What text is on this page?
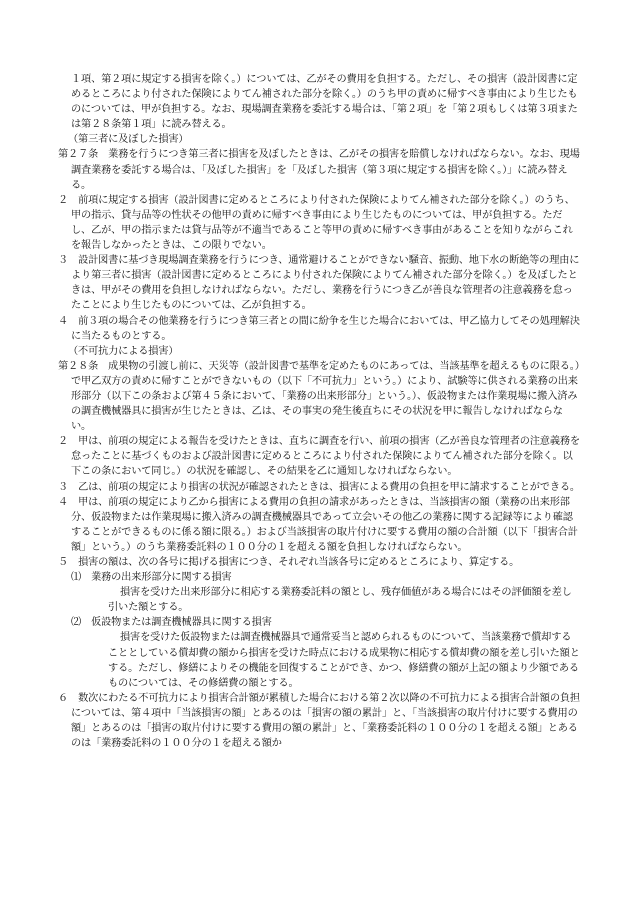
１項、第２項に規定する損害を除く。）については、乙がその費用を負担する。ただし、その損害（設計図書に定めるところにより付された保険によりてん補された部分を除く。）のうち甲の責めに帰すべき事由により生じたものについては、甲が負担する。なお、現場調査業務を委託する場合は、「第２項」を「第２項もしくは第３項または第２８条第１項」に読み替える。

（第三者に及ぼした損害）

第２７条　業務を行うにつき第三者に損害を及ぼしたときは、乙がその損害を賠償しなければならない。なお、現場調査業務を委託する場合は、「及ぼした損害」を「及ぼした損害（第３項に規定する損害を除く。）」に読み替える。

２　前項に規定する損害（設計図書に定めるところにより付された保険によりてん補された部分を除く。）のうち、甲の指示、貸与品等の性状その他甲の責めに帰すべき事由により生じたものについては、甲が負担する。ただし、乙が、甲の指示または貸与品等が不適当であること等甲の責めに帰すべき事由があることを知りながらこれを報告しなかったときは、この限りでない。

３　設計図書に基づき現場調査業務を行うにつき、通常避けることができない騒音、振動、地下水の断絶等の理由により第三者に損害（設計図書に定めるところにより付された保険によりてん補された部分を除く。）を及ぼしたときは、甲がその費用を負担しなければならない。ただし、業務を行うにつき乙が善良な管理者の注意義務を怠ったことにより生じたものについては、乙が負担する。

４　前３項の場合その他業務を行うにつき第三者との間に紛争を生じた場合においては、甲乙協力してその処理解決に当たるものとする。

（不可抗力による損害）

第２８条　成果物の引渡し前に、天災等（設計図書で基準を定めたものにあっては、当該基準を超えるものに限る。）で甲乙双方の責めに帰すことができないもの（以下「不可抗力」という。）により、試験等に供される業務の出来形部分（以下この条および第４５条において、「業務の出来形部分」という。）、仮設物または作業現場に搬入済みの調査機械器具に損害が生じたときは、乙は、その事実の発生後直ちにその状況を甲に報告しなければならない。

２　甲は、前項の規定による報告を受けたときは、直ちに調査を行い、前項の損害（乙が善良な管理者の注意義務を怠ったことに基づくものおよび設計図書に定めるところにより付された保険によりてん補された部分を除く。以下この条において同じ。）の状況を確認し、その結果を乙に通知しなければならない。

３　乙は、前項の規定により損害の状況が確認されたときは、損害による費用の負担を甲に請求することができる。

４　甲は、前項の規定により乙から損害による費用の負担の請求があったときは、当該損害の額（業務の出来形部分、仮設物または作業現場に搬入済みの調査機械器具であって立会いその他乙の業務に関する記録等により確認することができるものに係る額に限る。）および当該損害の取片付けに要する費用の額の合計額（以下「損害合計額」という。）のうち業務委託料の１００分の１を超える額を負担しなければならない。

５　損害の額は、次の各号に掲げる損害につき、それぞれ当該各号に定めるところにより、算定する。

⑴　業務の出来形部分に関する損害

損害を受けた出来形部分に相応する業務委託料の額とし、残存価値がある場合にはその評価額を差し引いた額とする。

⑵　仮設物または調査機械器具に関する損害

損害を受けた仮設物または調査機械器具で通常妥当と認められるものについて、当該業務で償却することとしている償却費の額から損害を受けた時点における成果物に相応する償却費の額を差し引いた額とする。ただし、修繕によりその機能を回復することができ、かつ、修繕費の額が上記の額より少額であるものについては、その修繕費の額とする。

６　数次にわたる不可抗力により損害合計額が累積した場合における第２次以降の不可抗力による損害合計額の負担については、第４項中「当該損害の額」とあるのは「損害の額の累計」と、「当該損害の取片付けに要する費用の額」とあるのは「損害の取片付けに要する費用の額の累計」と、「業務委託料の１００分の１を超える額」とあるのは「業務委託料の１００分の１を超える額か
